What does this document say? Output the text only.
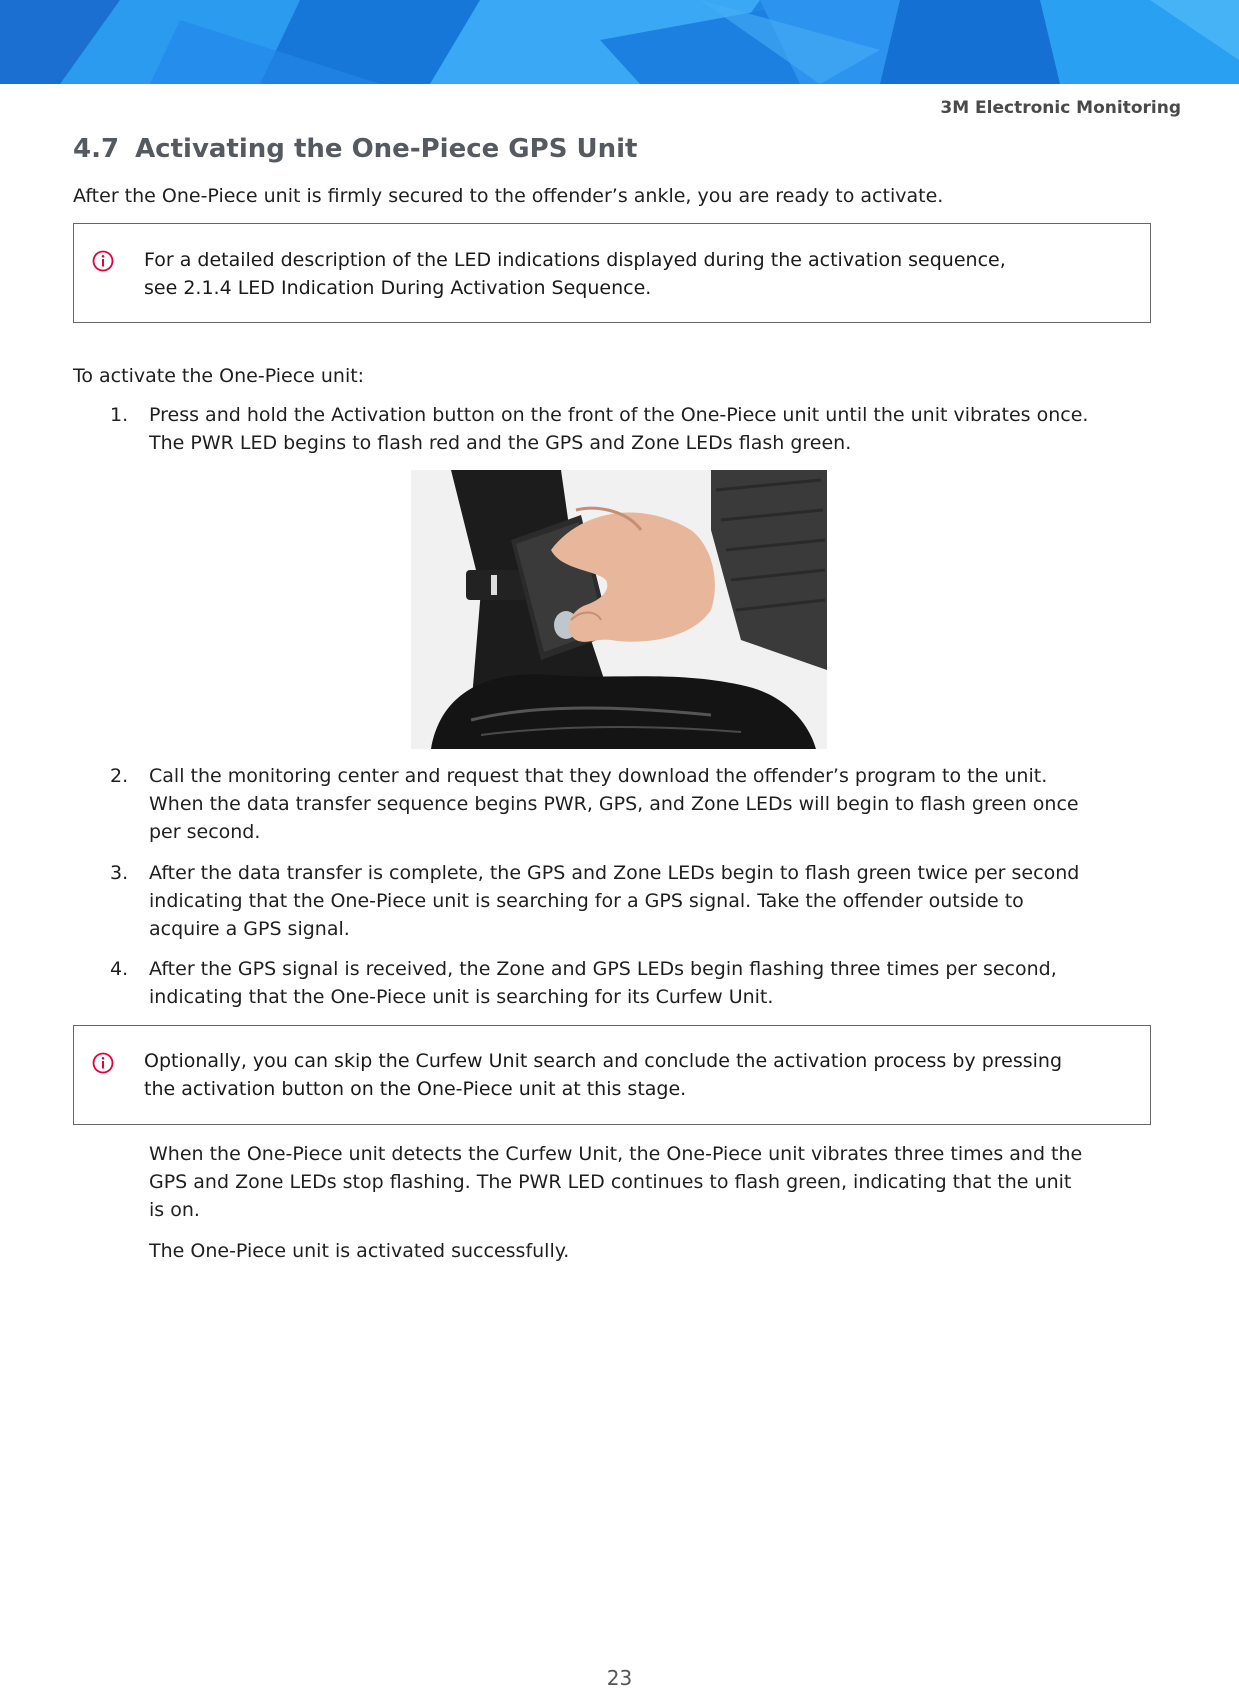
3M Electronic Monitoring
4.7 Activating the One-Piece GPS Unit

After the One-Piece unit is firmly secured to the offender’s ankle, you are ready to activate.

For a detailed description of the LED indications displayed during the activation sequence,

see 2.1.4 LED Indication During Activation Sequence.

To activate the One-Piece unit:

1. Press and hold the Activation button on the front of the One-Piece unit until the unit vibrates once.

The PWR LED begins to flash red and the GPS and Zone LEDs flash green.

2. Call the monitoring center and request that they download the offender’s program to the unit.

When the data transfer sequence begins PWR, GPS, and Zone LEDs will begin to flash green once

per second.

3. After the data transfer is complete, the GPS and Zone LEDs begin to flash green twice per second

indicating that the One-Piece unit is searching for a GPS signal. Take the offender outside to

acquire a GPS signal.

4. After the GPS signal is received, the Zone and GPS LEDs begin flashing three times per second,

indicating that the One-Piece unit is searching for its Curfew Unit.

Optionally, you can skip the Curfew Unit search and conclude the activation process by pressing

the activation button on the One-Piece unit at this stage.

When the One-Piece unit detects the Curfew Unit, the One-Piece unit vibrates three times and the

GPS and Zone LEDs stop flashing. The PWR LED continues to flash green, indicating that the unit

is on.

The One-Piece unit is activated successfully.

23
